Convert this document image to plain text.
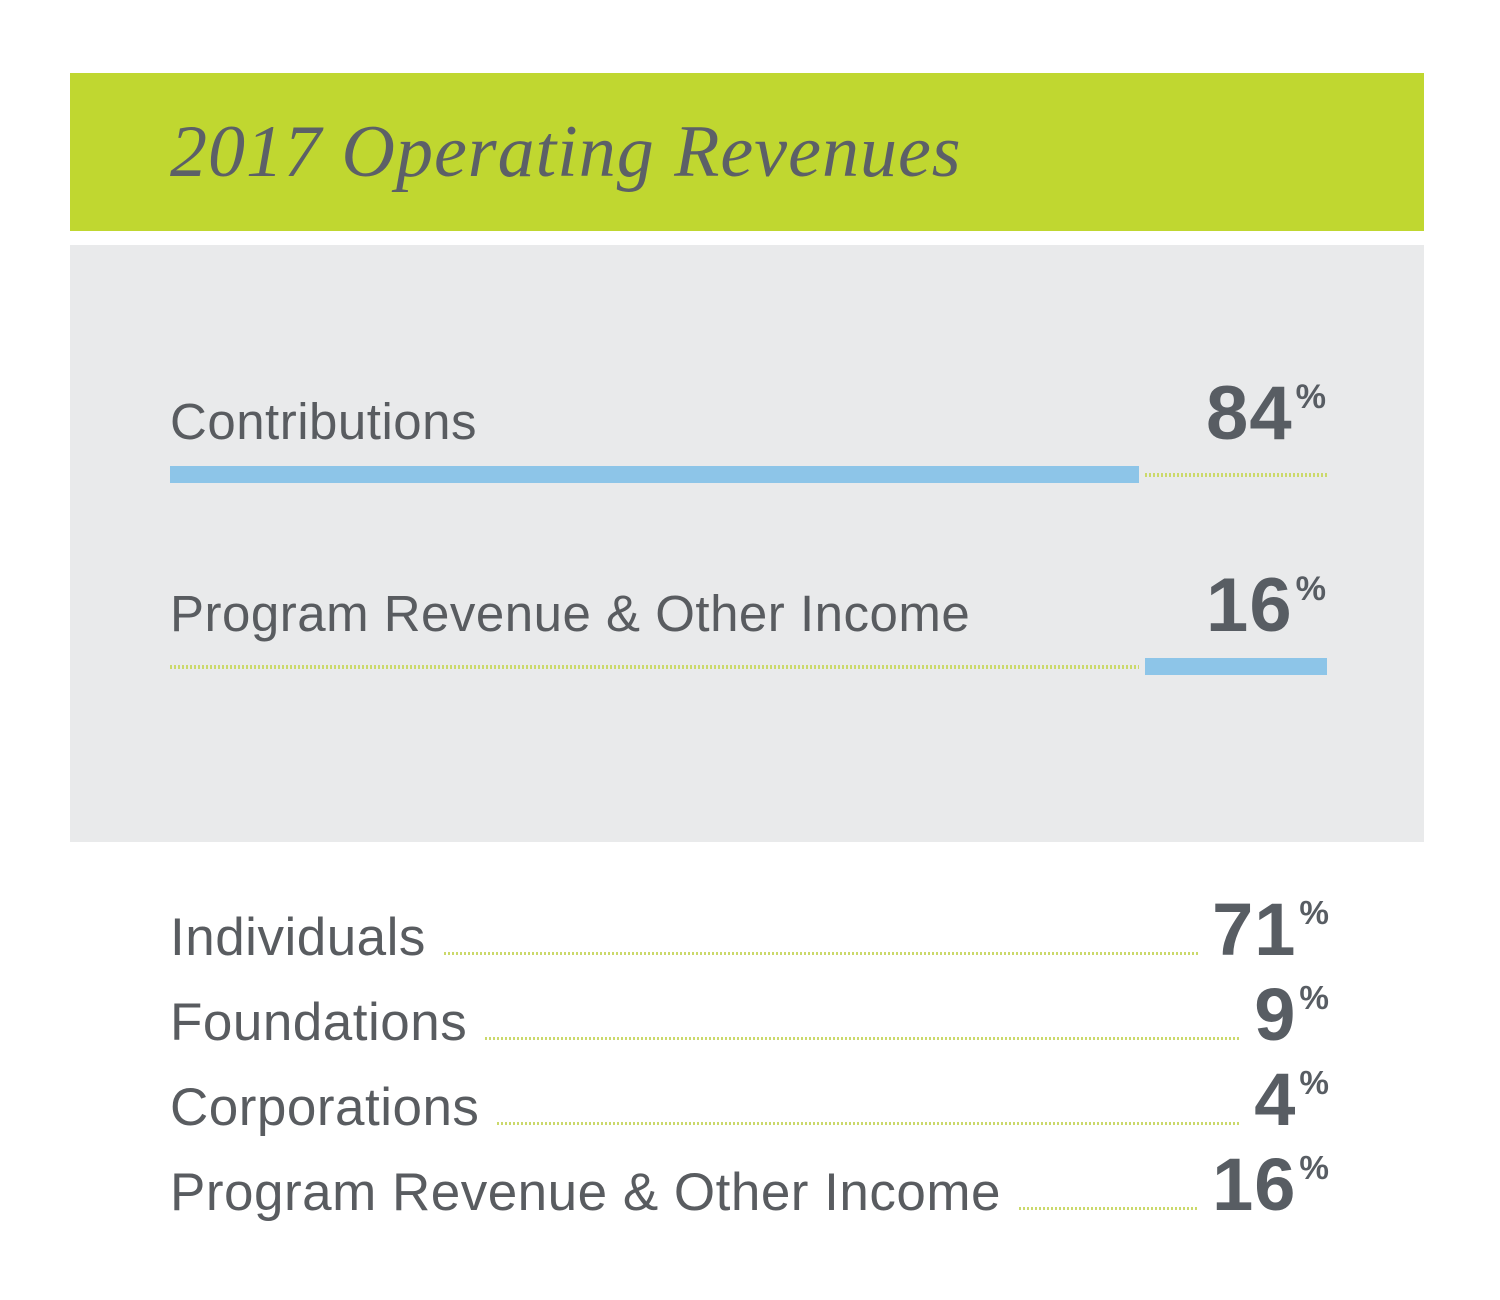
2017 Operating Revenues
Contributions	84%
Program Revenue & Other Income	16%
Individuals	71%
Foundations	9%
Corporations	4%
Program Revenue & Other Income	16%
